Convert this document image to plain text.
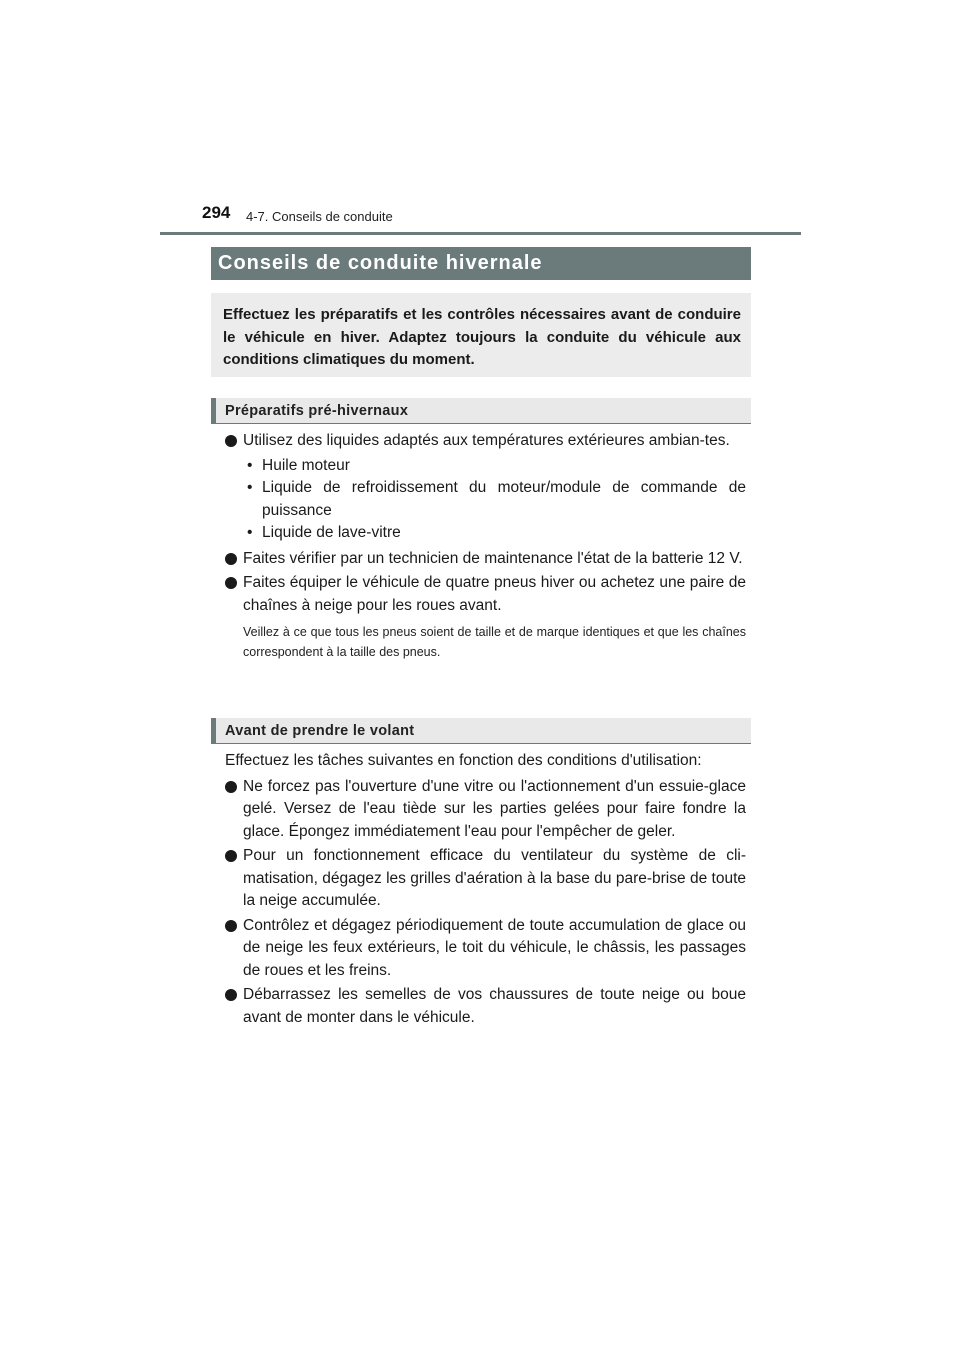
294 4-7. Conseils de conduite
Conseils de conduite hivernale
Effectuez les préparatifs et les contrôles nécessaires avant de conduire le véhicule en hiver. Adaptez toujours la conduite du véhicule aux conditions climatiques du moment.
Préparatifs pré-hivernaux
Utilisez des liquides adaptés aux températures extérieures ambian-tes.
• Huile moteur
• Liquide de refroidissement du moteur/module de commande de puissance
• Liquide de lave-vitre
Faites vérifier par un technicien de maintenance l'état de la batterie 12 V.
Faites équiper le véhicule de quatre pneus hiver ou achetez une paire de chaînes à neige pour les roues avant.
Veillez à ce que tous les pneus soient de taille et de marque identiques et que les chaînes correspondent à la taille des pneus.
Avant de prendre le volant
Effectuez les tâches suivantes en fonction des conditions d'utilisation:
Ne forcez pas l'ouverture d'une vitre ou l'actionnement d'un essuie-glace gelé. Versez de l'eau tiède sur les parties gelées pour faire fondre la glace. Épongez immédiatement l'eau pour l'empêcher de geler.
Pour un fonctionnement efficace du ventilateur du système de cli-matisation, dégagez les grilles d'aération à la base du pare-brise de toute la neige accumulée.
Contrôlez et dégagez périodiquement de toute accumulation de glace ou de neige les feux extérieurs, le toit du véhicule, le châssis, les passages de roues et les freins.
Débarrassez les semelles de vos chaussures de toute neige ou boue avant de monter dans le véhicule.
